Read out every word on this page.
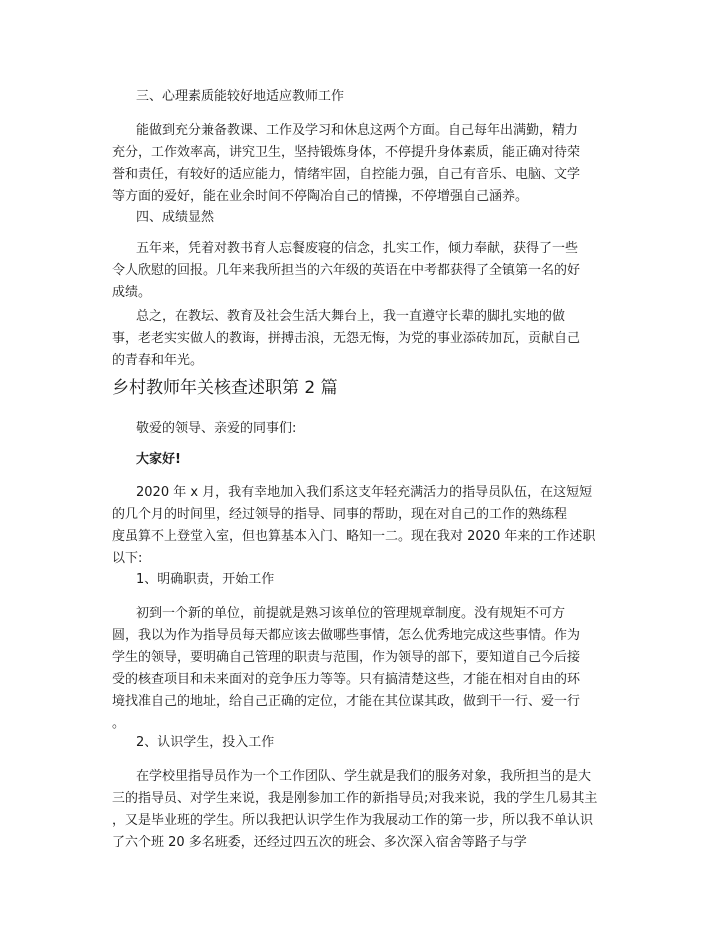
三、心理素质能较好地适应教师工作
能做到充分兼备教课、工作及学习和休息这两个方面。自己每年出满勤，精力
充分，工作效率高，讲究卫生，坚持锻炼身体，不停提升身体素质，能正确对待荣
誉和责任，有较好的适应能力，情绪牢固，自控能力强，自己有音乐、电脑、文学
等方面的爱好，能在业余时间不停陶冶自己的情操，不停增强自己涵养。
四、成绩显然
五年来，凭着对教书育人忘餐废寝的信念，扎实工作，倾力奉献，获得了一些
令人欣慰的回报。几年来我所担当的六年级的英语在中考都获得了全镇第一名的好
成绩。
总之，在教坛、教育及社会生活大舞台上，我一直遵守长辈的脚扎实地的做
事，老老实实做人的教诲，拼搏击浪，无怨无悔，为党的事业添砖加瓦，贡献自己
的青春和年光。
乡村教师年关核查述职第 2 篇
敬爱的领导、亲爱的同事们:
大家好!
2020 年 x 月，我有幸地加入我们系这支年轻充满活力的指导员队伍，在这短短
的几个月的时间里，经过领导的指导、同事的帮助，现在对自己的工作的熟练程
度虽算不上登堂入室，但也算基本入门、略知一二。现在我对 2020 年来的工作述职
以下:
1、明确职责，开始工作
初到一个新的单位，前提就是熟习该单位的管理规章制度。没有规矩不可方
圆，我以为作为指导员每天都应该去做哪些事情，怎么优秀地完成这些事情。作为
学生的领导，要明确自己管理的职责与范围，作为领导的部下，要知道自己今后接
受的核查项目和未来面对的竞争压力等等。只有搞清楚这些，才能在相对自由的环
境找准自己的地址，给自己正确的定位，才能在其位谋其政，做到干一行、爱一行
。
2、认识学生，投入工作
在学校里指导员作为一个工作团队、学生就是我们的服务对象，我所担当的是大
三的指导员、对学生来说，我是刚参加工作的新指导员;对我来说，我的学生几易其主
，又是毕业班的学生。所以我把认识学生作为我展动工作的第一步，所以我不单认识
了六个班 20 多名班委，还经过四五次的班会、多次深入宿舍等路子与学
